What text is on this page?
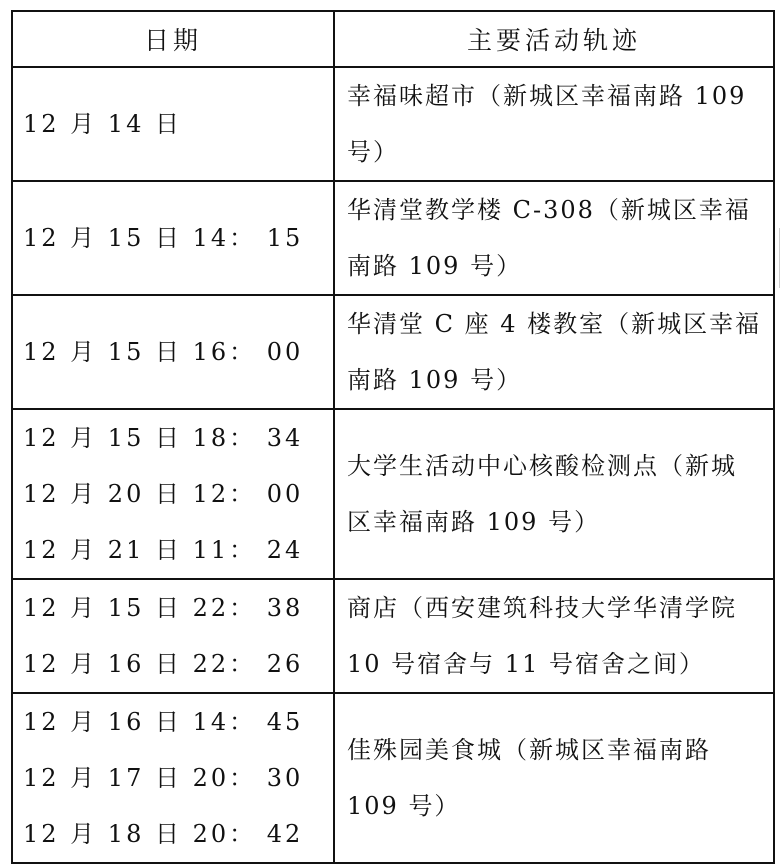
日期	主要活动轨迹

12 月 14 日	幸福味超市（新城区幸福南路 109
号）

12 月 15 日 14： 15	华清堂教学楼 C-308（新城区幸福
南路 109 号）

12 月 15 日 16： 00	华清堂 C 座 4 楼教室（新城区幸福
南路 109 号）

12 月 15 日 18： 34
12 月 20 日 12： 00
12 月 21 日 11： 24	大学生活动中心核酸检测点（新城
区幸福南路 109 号）

12 月 15 日 22： 38
12 月 16 日 22： 26	商店（西安建筑科技大学华清学院
10 号宿舍与 11 号宿舍之间）

12 月 16 日 14： 45
12 月 17 日 20： 30
12 月 18 日 20： 42	佳殊园美食城（新城区幸福南路
109 号）
